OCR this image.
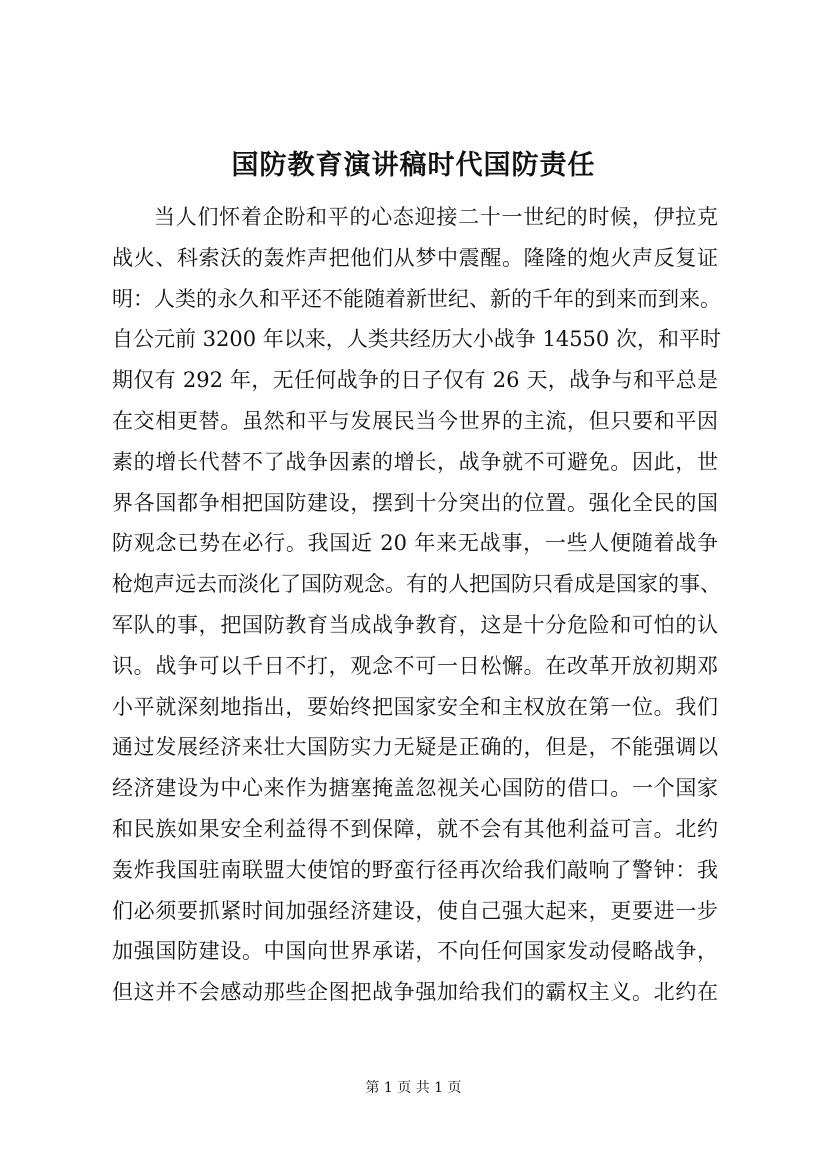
国防教育演讲稿时代国防责任
当人们怀着企盼和平的心态迎接二十一世纪的时候，伊拉克
战火、科索沃的轰炸声把他们从梦中震醒。隆隆的炮火声反复证
明：人类的永久和平还不能随着新世纪、新的千年的到来而到来。
自公元前 3200 年以来，人类共经历大小战争 14550 次，和平时
期仅有 292 年，无任何战争的日子仅有 26 天，战争与和平总是
在交相更替。虽然和平与发展民当今世界的主流，但只要和平因
素的增长代替不了战争因素的增长，战争就不可避免。因此，世
界各国都争相把国防建设，摆到十分突出的位置。强化全民的国
防观念已势在必行。我国近 20 年来无战事，一些人便随着战争
枪炮声远去而淡化了国防观念。有的人把国防只看成是国家的事、
军队的事，把国防教育当成战争教育，这是十分危险和可怕的认
识。战争可以千日不打，观念不可一日松懈。在改革开放初期邓
小平就深刻地指出，要始终把国家安全和主权放在第一位。我们
通过发展经济来壮大国防实力无疑是正确的，但是，不能强调以
经济建设为中心来作为搪塞掩盖忽视关心国防的借口。一个国家
和民族如果安全利益得不到保障，就不会有其他利益可言。北约
轰炸我国驻南联盟大使馆的野蛮行径再次给我们敲响了警钟：我
们必须要抓紧时间加强经济建设，使自己强大起来，更要进一步
加强国防建设。中国向世界承诺，不向任何国家发动侵略战争，
但这并不会感动那些企图把战争强加给我们的霸权主义。北约在
第 1 页 共 1 页
